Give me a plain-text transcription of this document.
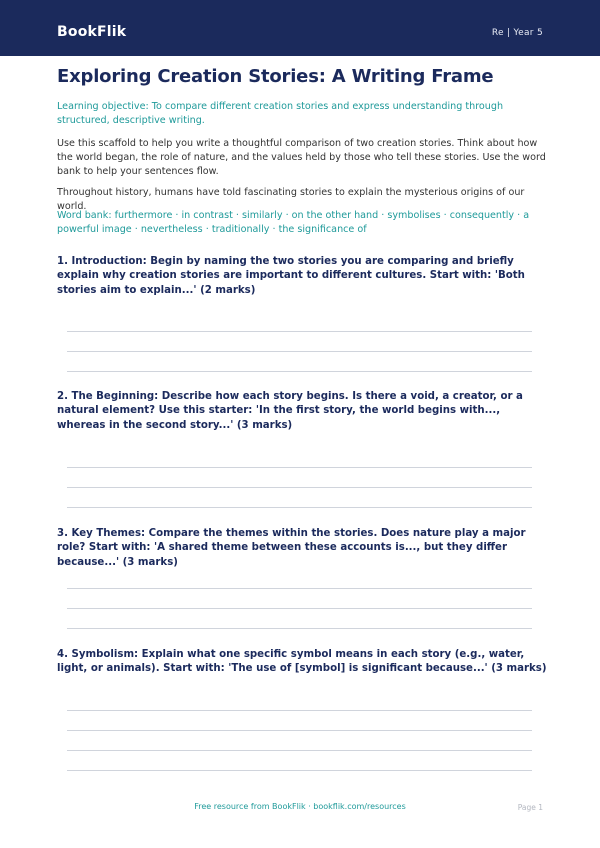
BookFlik	Re | Year 5
Exploring Creation Stories: A Writing Frame
Learning objective: To compare different creation stories and express understanding through structured, descriptive writing.
Use this scaffold to help you write a thoughtful comparison of two creation stories. Think about how the world began, the role of nature, and the values held by those who tell these stories. Use the word bank to help your sentences flow.
Throughout history, humans have told fascinating stories to explain the mysterious origins of our world.
Word bank: furthermore · in contrast · similarly · on the other hand · symbolises · consequently · a powerful image · nevertheless · traditionally · the significance of
1. Introduction: Begin by naming the two stories you are comparing and briefly explain why creation stories are important to different cultures. Start with: 'Both stories aim to explain...' (2 marks)
2. The Beginning: Describe how each story begins. Is there a void, a creator, or a natural element? Use this starter: 'In the first story, the world begins with..., whereas in the second story...' (3 marks)
3. Key Themes: Compare the themes within the stories. Does nature play a major role? Start with: 'A shared theme between these accounts is..., but they differ because...' (3 marks)
4. Symbolism: Explain what one specific symbol means in each story (e.g., water, light, or animals). Start with: 'The use of [symbol] is significant because...' (3 marks)
Free resource from BookFlik · bookflik.com/resources	Page 1
